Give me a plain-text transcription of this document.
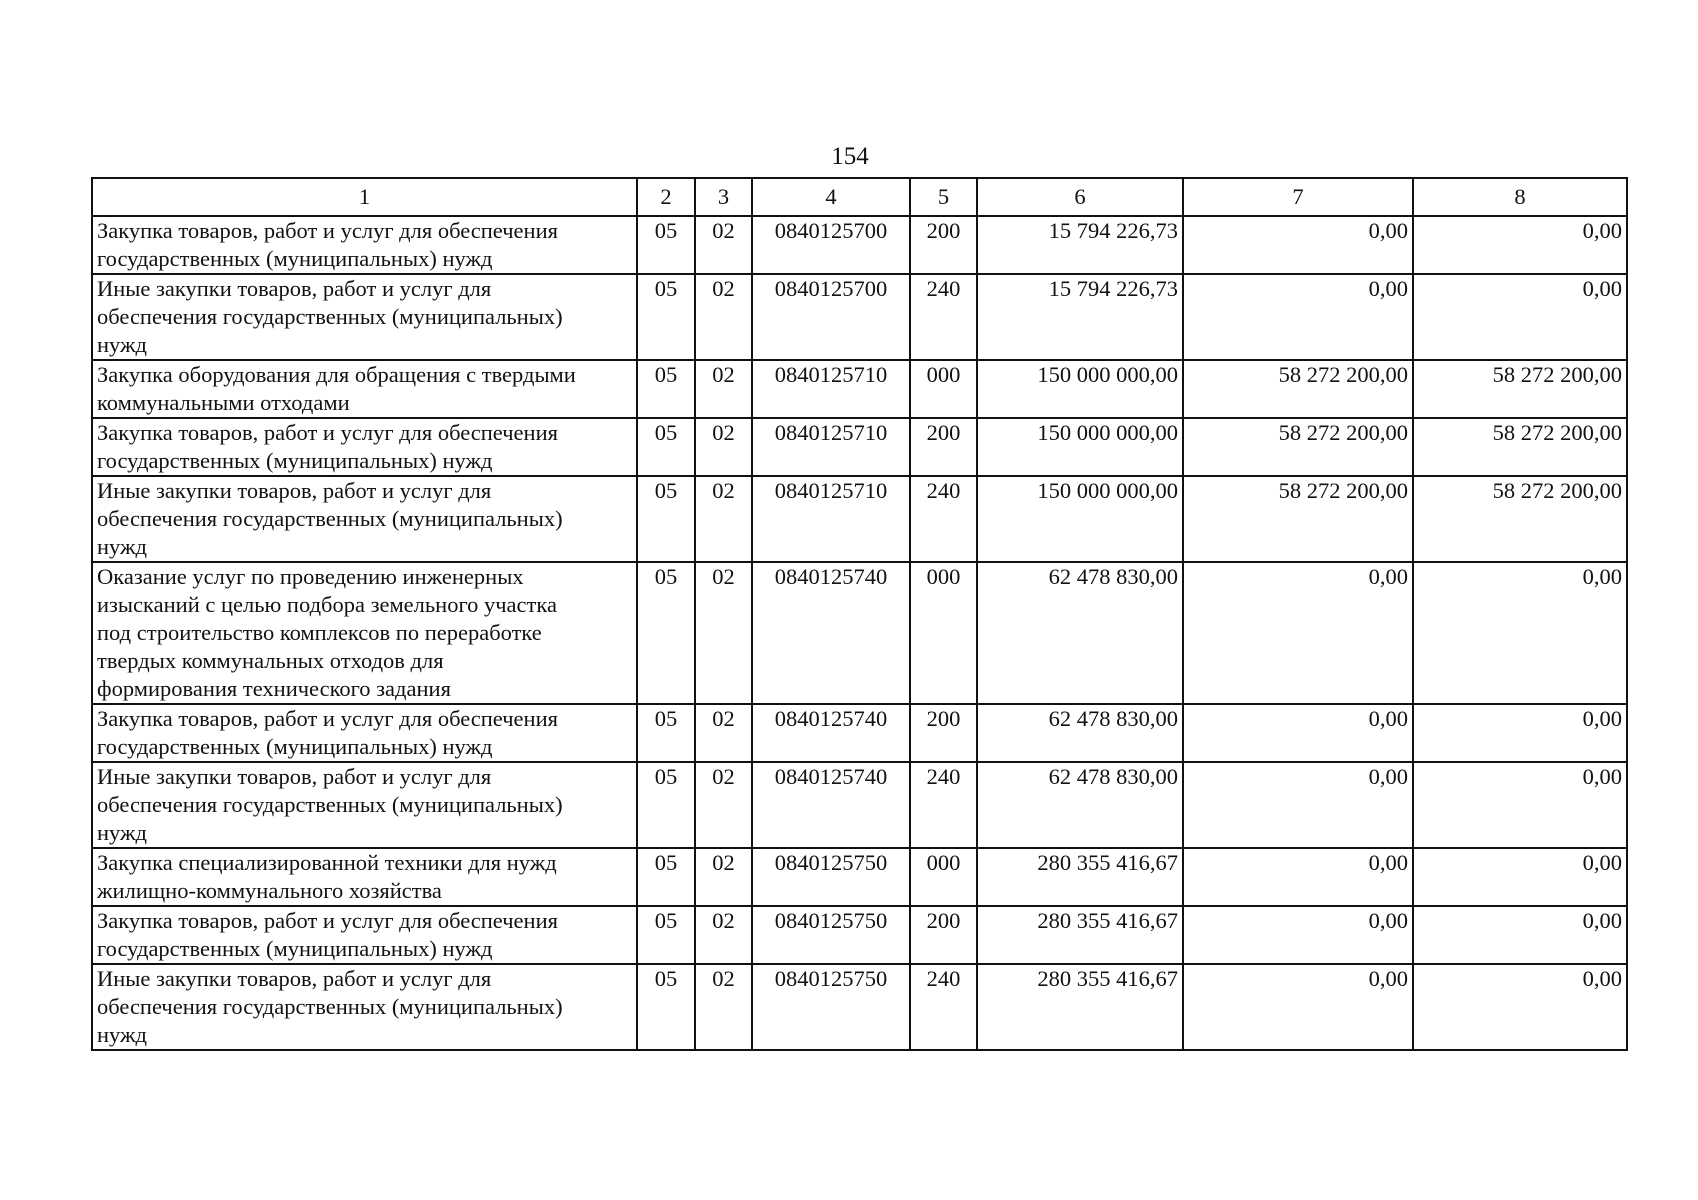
154
1	2	3	4	5	6	7	8

Закупка товаров, работ и услуг для обеспечения
государственных (муниципальных) нужд	05	02	0840125700	200	15 794 226,73	0,00	0,00

Иные закупки товаров, работ и услуг для
обеспечения государственных (муниципальных)
нужд	05	02	0840125700	240	15 794 226,73	0,00	0,00

Закупка оборудования для обращения с твердыми
коммунальными отходами	05	02	0840125710	000	150 000 000,00	58 272 200,00	58 272 200,00

Закупка товаров, работ и услуг для обеспечения
государственных (муниципальных) нужд	05	02	0840125710	200	150 000 000,00	58 272 200,00	58 272 200,00

Иные закупки товаров, работ и услуг для
обеспечения государственных (муниципальных)
нужд	05	02	0840125710	240	150 000 000,00	58 272 200,00	58 272 200,00

Оказание услуг по проведению инженерных
изысканий с целью подбора земельного участка
под строительство комплексов по переработке
твердых коммунальных отходов для
формирования технического задания	05	02	0840125740	000	62 478 830,00	0,00	0,00

Закупка товаров, работ и услуг для обеспечения
государственных (муниципальных) нужд	05	02	0840125740	200	62 478 830,00	0,00	0,00

Иные закупки товаров, работ и услуг для
обеспечения государственных (муниципальных)
нужд	05	02	0840125740	240	62 478 830,00	0,00	0,00

Закупка специализированной техники для нужд
жилищно-коммунального хозяйства	05	02	0840125750	000	280 355 416,67	0,00	0,00

Закупка товаров, работ и услуг для обеспечения
государственных (муниципальных) нужд	05	02	0840125750	200	280 355 416,67	0,00	0,00

Иные закупки товаров, работ и услуг для
обеспечения государственных (муниципальных)
нужд	05	02	0840125750	240	280 355 416,67	0,00	0,00
